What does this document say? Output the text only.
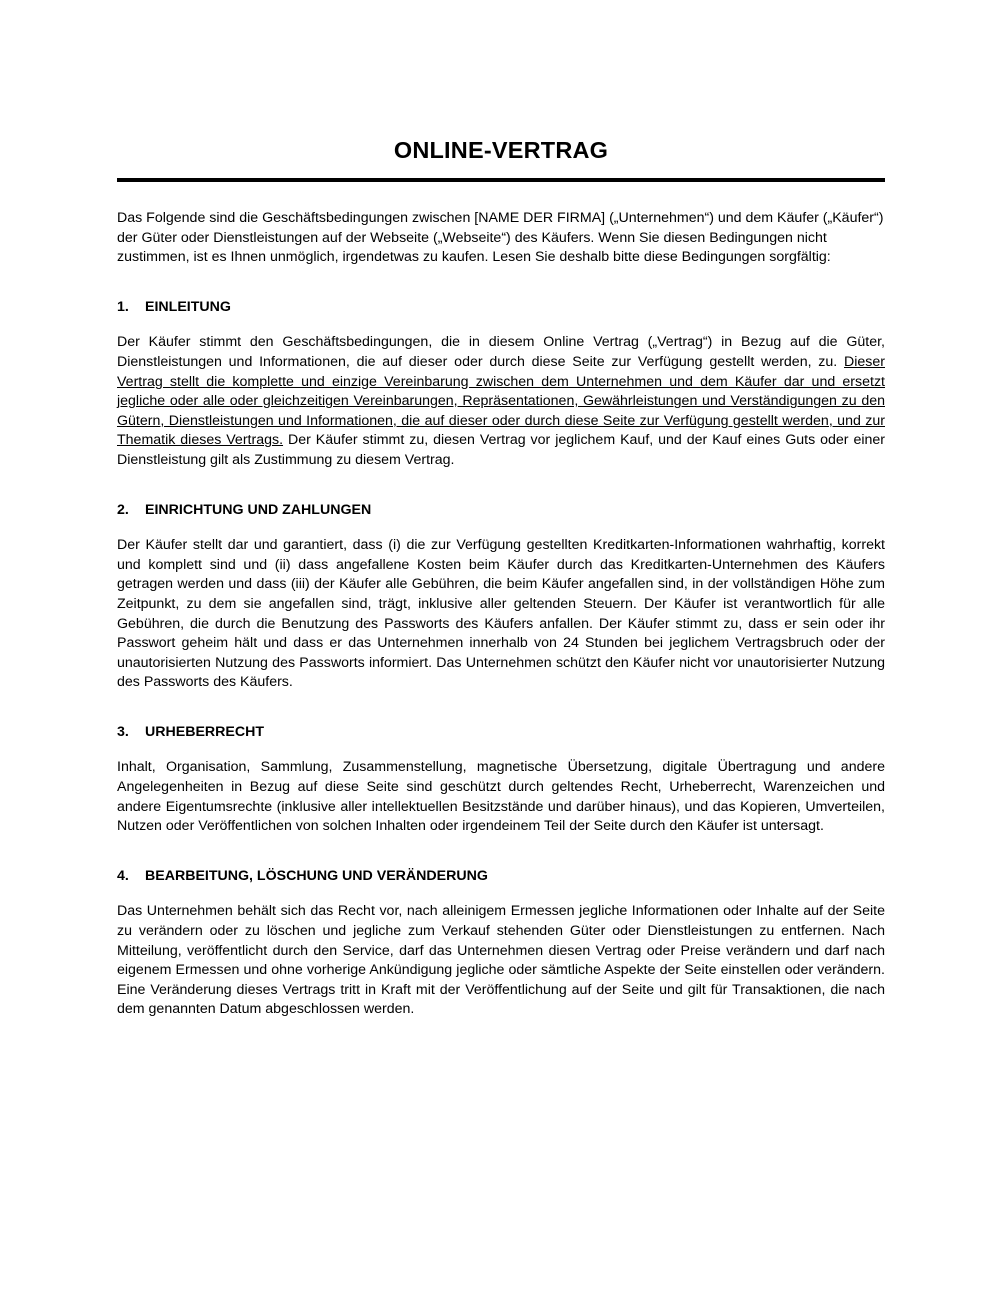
ONLINE-VERTRAG

Das Folgende sind die Geschäftsbedingungen zwischen [NAME DER FIRMA] („Unternehmen“) und dem Käufer („Käufer“) der Güter oder Dienstleistungen auf der Webseite („Webseite“) des Käufers. Wenn Sie diesen Bedingungen nicht zustimmen, ist es Ihnen unmöglich, irgendetwas zu kaufen. Lesen Sie deshalb bitte diese Bedingungen sorgfältig:

1.	EINLEITUNG

Der Käufer stimmt den Geschäftsbedingungen, die in diesem Online Vertrag („Vertrag“) in Bezug auf die Güter, Dienstleistungen und Informationen, die auf dieser oder durch diese Seite zur Verfügung gestellt werden, zu. Dieser Vertrag stellt die komplette und einzige Vereinbarung zwischen dem Unternehmen und dem Käufer dar und ersetzt jegliche oder alle oder gleichzeitigen Vereinbarungen, Repräsentationen, Gewährleistungen und Verständigungen zu den Gütern, Dienstleistungen und Informationen, die auf dieser oder durch diese Seite zur Verfügung gestellt werden, und zur Thematik dieses Vertrags. Der Käufer stimmt zu, diesen Vertrag vor jeglichem Kauf, und der Kauf eines Guts oder einer Dienstleistung gilt als Zustimmung zu diesem Vertrag.

2.	EINRICHTUNG UND ZAHLUNGEN

Der Käufer stellt dar und garantiert, dass (i) die zur Verfügung gestellten Kreditkarten-Informationen wahrhaftig, korrekt und komplett sind und (ii) dass angefallene Kosten beim Käufer durch das Kreditkarten-Unternehmen des Käufers getragen werden und dass (iii) der Käufer alle Gebühren, die beim Käufer angefallen sind, in der vollständigen Höhe zum Zeitpunkt, zu dem sie angefallen sind, trägt, inklusive aller geltenden Steuern. Der Käufer ist verantwortlich für alle Gebühren, die durch die Benutzung des Passworts des Käufers anfallen. Der Käufer stimmt zu, dass er sein oder ihr Passwort geheim hält und dass er das Unternehmen innerhalb von 24 Stunden bei jeglichem Vertragsbruch oder der unautorisierten Nutzung des Passworts informiert. Das Unternehmen schützt den Käufer nicht vor unautorisierter Nutzung des Passworts des Käufers.

3.	URHEBERRECHT

Inhalt, Organisation, Sammlung, Zusammenstellung, magnetische Übersetzung, digitale Übertragung und andere Angelegenheiten in Bezug auf diese Seite sind geschützt durch geltendes Recht, Urheberrecht, Warenzeichen und andere Eigentumsrechte (inklusive aller intellektuellen Besitzstände und darüber hinaus), und das Kopieren, Umverteilen, Nutzen oder Veröffentlichen von solchen Inhalten oder irgendeinem Teil der Seite durch den Käufer ist untersagt.

4.	BEARBEITUNG, LÖSCHUNG UND VERÄNDERUNG

Das Unternehmen behält sich das Recht vor, nach alleinigem Ermessen jegliche Informationen oder Inhalte auf der Seite zu verändern oder zu löschen und jegliche zum Verkauf stehenden Güter oder Dienstleistungen zu entfernen. Nach Mitteilung, veröffentlicht durch den Service, darf das Unternehmen diesen Vertrag oder Preise verändern und darf nach eigenem Ermessen und ohne vorherige Ankündigung jegliche oder sämtliche Aspekte der Seite einstellen oder verändern. Eine Veränderung dieses Vertrags tritt in Kraft mit der Veröffentlichung auf der Seite und gilt für Transaktionen, die nach dem genannten Datum abgeschlossen werden.
